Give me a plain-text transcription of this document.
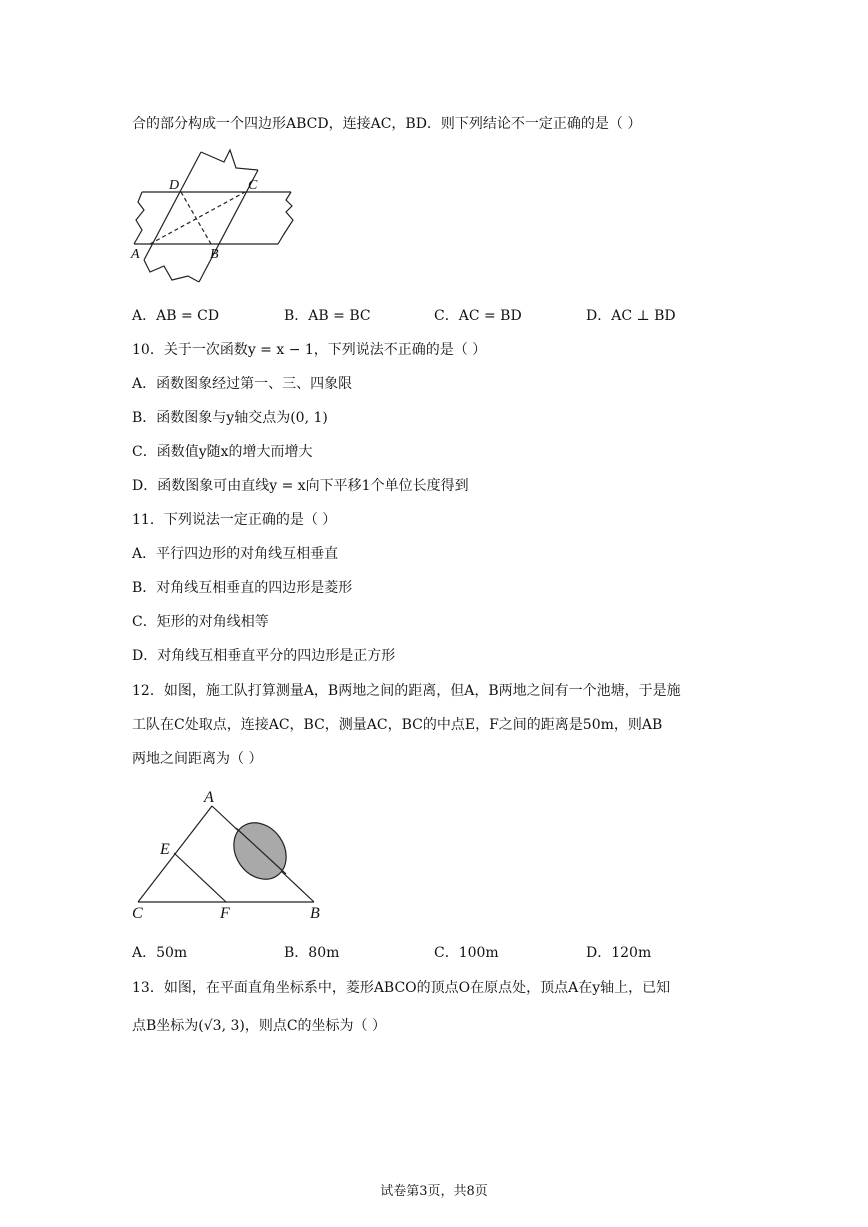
合的部分构成一个四边形ABCD，连接AC，BD．则下列结论不一定正确的是（ ）
D	C
A	B
A．AB = CD	B．AB = BC	C．AC = BD	D．AC ⊥ BD
10．关于一次函数y = x − 1，下列说法不正确的是（ ）
A．函数图象经过第一、三、四象限
B．函数图象与y轴交点为(0, 1)
C．函数值y随x的增大而增大
D．函数图象可由直线y = x向下平移1个单位长度得到
11．下列说法一定正确的是（ ）
A．平行四边形的对角线互相垂直
B．对角线互相垂直的四边形是菱形
C．矩形的对角线相等
D．对角线互相垂直平分的四边形是正方形
12．如图，施工队打算测量A，B两地之间的距离，但A，B两地之间有一个池塘，于是施
工队在C处取点，连接AC，BC，测量AC，BC的中点E，F之间的距离是50m，则AB
两地之间距离为（ ）
A
E
C	F	B
A．50m	B．80m	C．100m	D．120m
13．如图，在平面直角坐标系中，菱形ABCO的顶点O在原点处，顶点A在y轴上，已知
点B坐标为(√3, 3)，则点C的坐标为（ ）
试卷第3页，共8页
